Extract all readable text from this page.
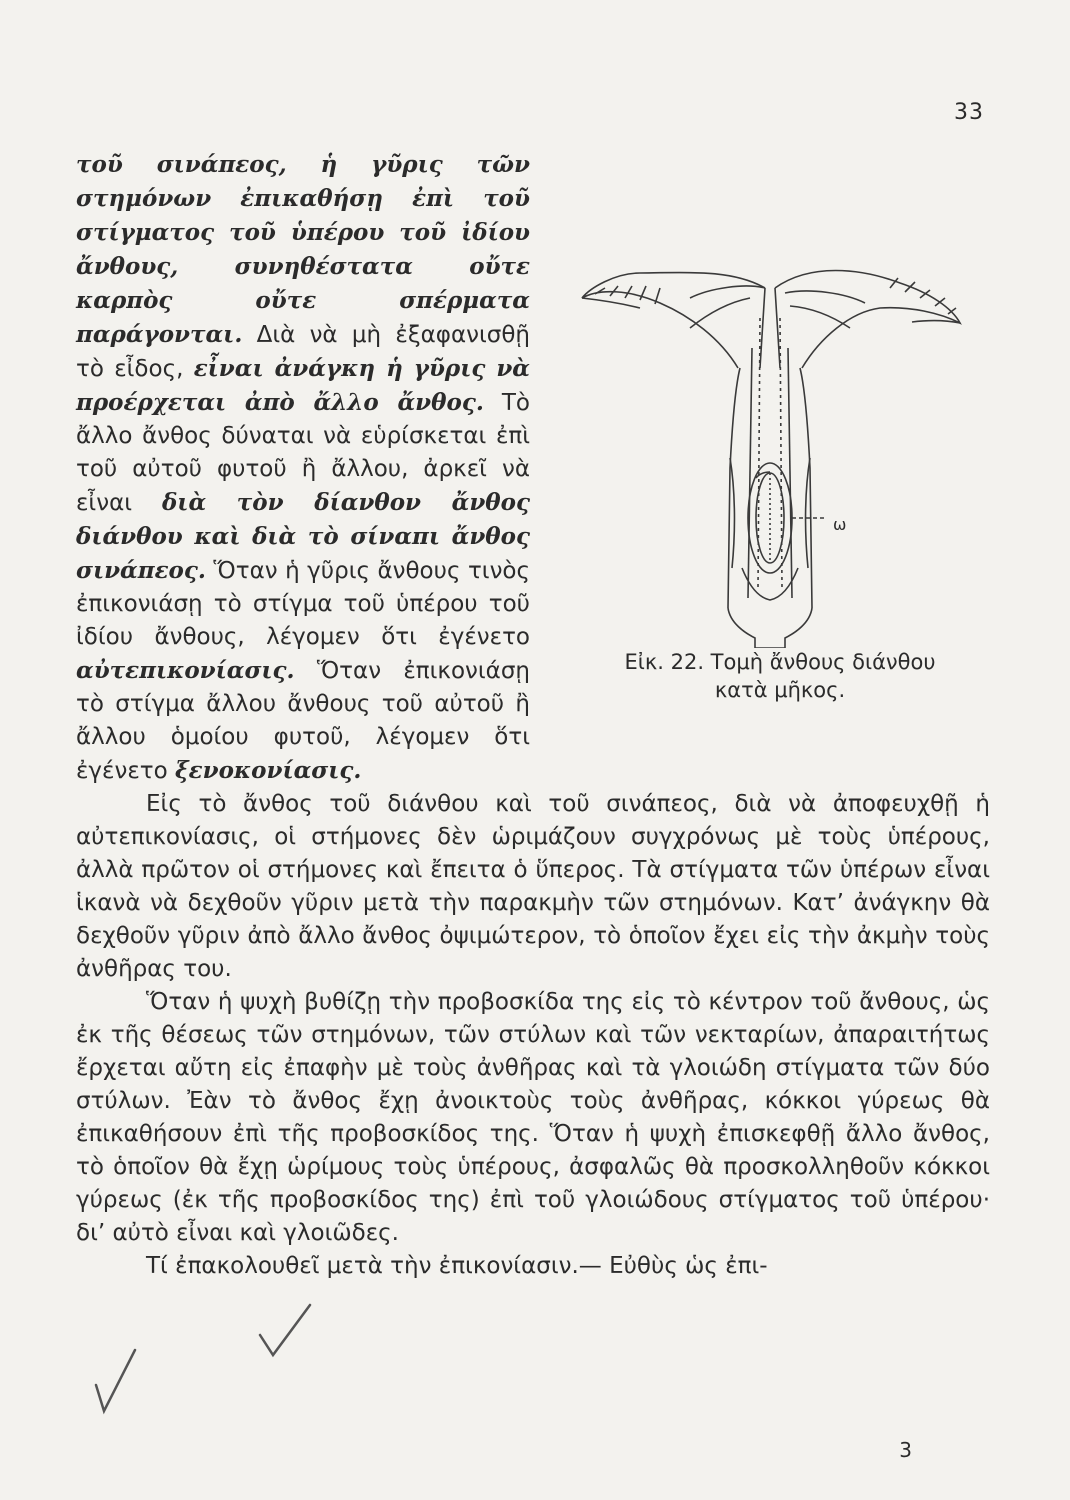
33
ω
Εἰκ. 22. Τομὴ ἄνθους διάνθου
κατὰ μῆκος.

τοῦ σινάπεος, ἡ γῦρις τῶν στημόνων ἐπικαθήσῃ ἐπὶ τοῦ στίγματος τοῦ ὑπέρου τοῦ ἰδίου ἄνθους, συνηθέστατα οὔτε καρπὸς οὔτε σπέρματα παράγονται. Διὰ νὰ μὴ ἐξαφανισθῇ τὸ εἶδος, εἶναι ἀνάγκη ἡ γῦρις νὰ προέρχεται ἀπὸ ἄλλο ἄνθος. Τὸ ἄλλο ἄνθος δύναται νὰ εὑρίσκεται ἐπὶ τοῦ αὐτοῦ φυτοῦ ἢ ἄλλου, ἀρκεῖ νὰ εἶναι διὰ τὸν δίανθον ἄνθος διάνθου καὶ διὰ τὸ σίναπι ἄνθος σινάπεος. Ὅταν ἡ γῦρις ἄνθους τινὸς ἐπικονιάσῃ τὸ στίγμα τοῦ ὑπέρου τοῦ ἰδίου ἄνθους, λέγομεν ὅτι ἐγένετο αὐτεπικονίασις. Ὅταν ἐπικονιάσῃ τὸ στίγμα ἄλλου ἄνθους τοῦ αὐτοῦ ἢ ἄλλου ὁμοίου φυτοῦ, λέγομεν ὅτι ἐγένετο ξενοκονίασις.

Εἰς τὸ ἄνθος τοῦ διάνθου καὶ τοῦ σινάπεος, διὰ νὰ ἀποφευχθῇ ἡ αὐτεπικονίασις, οἱ στήμονες δὲν ὡριμάζουν συγχρόνως μὲ τοὺς ὑπέρους, ἀλλὰ πρῶτον οἱ στήμονες καὶ ἔπειτα ὁ ὕπερος. Τὰ στίγματα τῶν ὑπέρων εἶναι ἱκανὰ νὰ δεχθοῦν γῦριν μετὰ τὴν παρακμὴν τῶν στημόνων. Κατ’ ἀνάγκην θὰ δεχθοῦν γῦριν ἀπὸ ἄλλο ἄνθος ὀψιμώτερον, τὸ ὁποῖον ἔχει εἰς τὴν ἀκμὴν τοὺς ἀνθῆρας του.

Ὅταν ἡ ψυχὴ βυθίζῃ τὴν προβοσκίδα της εἰς τὸ κέντρον τοῦ ἄνθους, ὡς ἐκ τῆς θέσεως τῶν στημόνων, τῶν στύλων καὶ τῶν νεκταρίων, ἀπαραιτήτως ἔρχεται αὔτη εἰς ἐπαφὴν μὲ τοὺς ἀνθῆρας καὶ τὰ γλοιώδη στίγματα τῶν δύο στύλων. Ἐὰν τὸ ἄνθος ἔχῃ ἀνοικτοὺς τοὺς ἀνθῆρας, κόκκοι γύρεως θὰ ἐπικαθήσουν ἐπὶ τῆς προβοσκίδος της. Ὅταν ἡ ψυχὴ ἐπισκεφθῇ ἄλλο ἄνθος, τὸ ὁποῖον θὰ ἔχῃ ὡρίμους τοὺς ὑπέρους, ἀσφαλῶς θὰ προσκολληθοῦν κόκκοι γύρεως (ἐκ τῆς προβοσκίδος της) ἐπὶ τοῦ γλοιώδους στίγματος τοῦ ὑπέρου· δι’ αὐτὸ εἶναι καὶ γλοιῶδες.

Τί ἐπακολουθεῖ μετὰ τὴν ἐπικονίασιν.— Εὐθὺς ὡς ἐπι-

3
